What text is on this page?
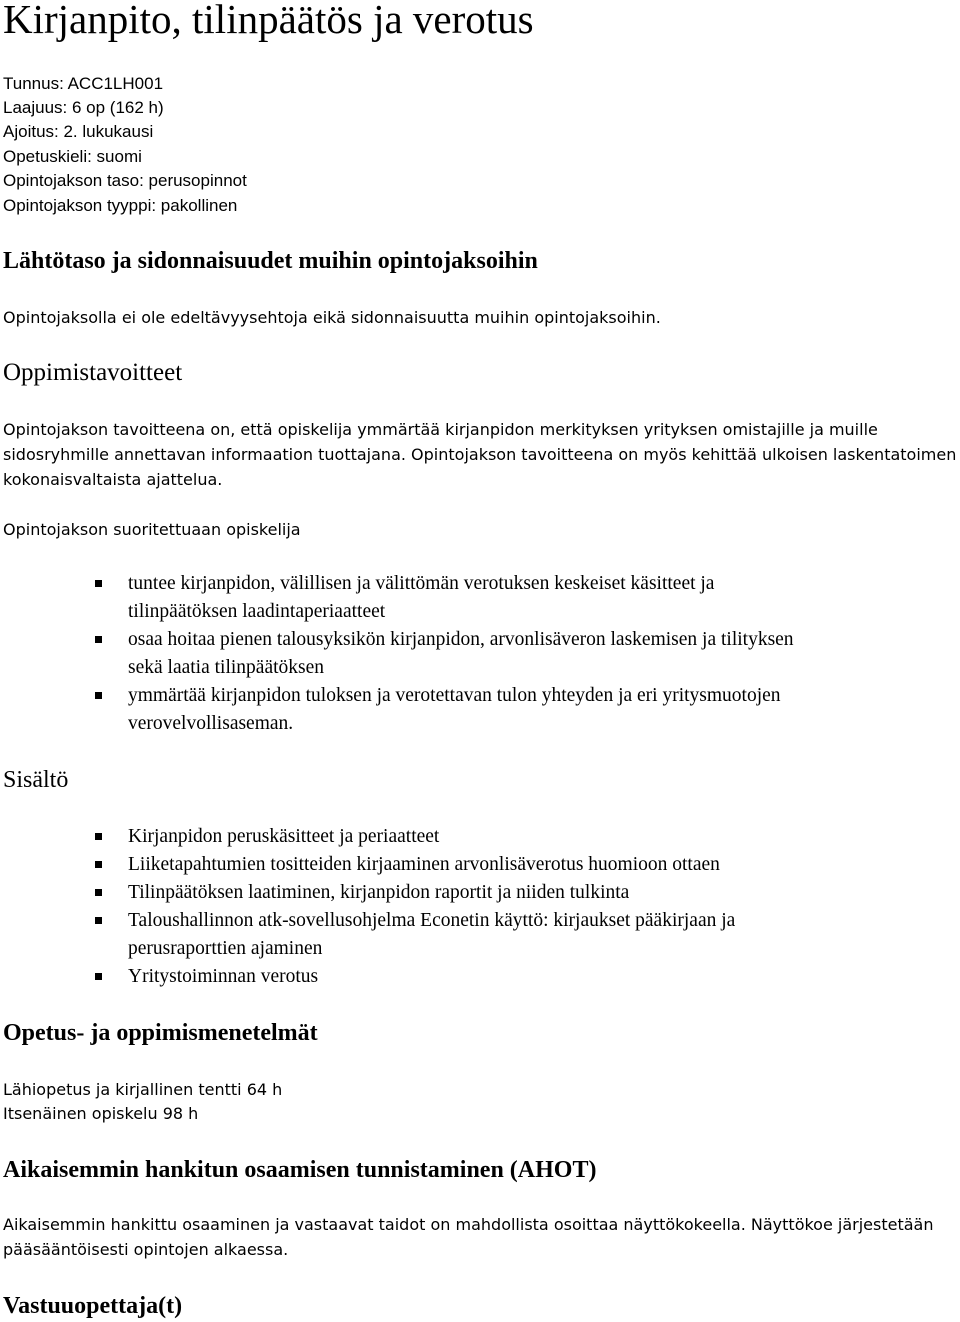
Kirjanpito, tilinpäätös ja verotus
Tunnus: ACC1LH001
Laajuus: 6 op (162 h)
Ajoitus: 2. lukukausi
Opetuskieli: suomi
Opintojakson taso: perusopinnot
Opintojakson tyyppi: pakollinen
Lähtötaso ja sidonnaisuudet muihin opintojaksoihin
Opintojaksolla ei ole edeltävyysehtoja eikä sidonnaisuutta muihin opintojaksoihin.
Oppimistavoitteet
Opintojakson tavoitteena on, että opiskelija ymmärtää kirjanpidon merkityksen yrityksen omistajille ja muille sidosryhmille annettavan informaation tuottajana. Opintojakson tavoitteena on myös kehittää ulkoisen laskentatoimen kokonaisvaltaista ajattelua.
Opintojakson suoritettuaan opiskelija
tuntee kirjanpidon, välillisen ja välittömän verotuksen keskeiset käsitteet ja
tilinpäätöksen laadintaperiaatteet
osaa hoitaa pienen talousyksikön kirjanpidon, arvonlisäveron laskemisen ja tilityksen
sekä laatia tilinpäätöksen
ymmärtää kirjanpidon tuloksen ja verotettavan tulon yhteyden ja eri yritysmuotojen
verovelvollisaseman.
Sisältö
Kirjanpidon peruskäsitteet ja periaatteet
Liiketapahtumien tositteiden kirjaaminen arvonlisäverotus huomioon ottaen
Tilinpäätöksen laatiminen, kirjanpidon raportit ja niiden tulkinta
Taloushallinnon atk-sovellusohjelma Econetin käyttö: kirjaukset pääkirjaan ja
perusraporttien ajaminen
Yritystoiminnan verotus
Opetus- ja oppimismenetelmät
Lähiopetus ja kirjallinen tentti 64 h
Itsenäinen opiskelu 98 h
Aikaisemmin hankitun osaamisen tunnistaminen (AHOT)
Aikaisemmin hankittu osaaminen ja vastaavat taidot on mahdollista osoittaa näyttökokeella. Näyttökoe järjestetään pääsääntöisesti opintojen alkaessa.
Vastuuopettaja(t)
